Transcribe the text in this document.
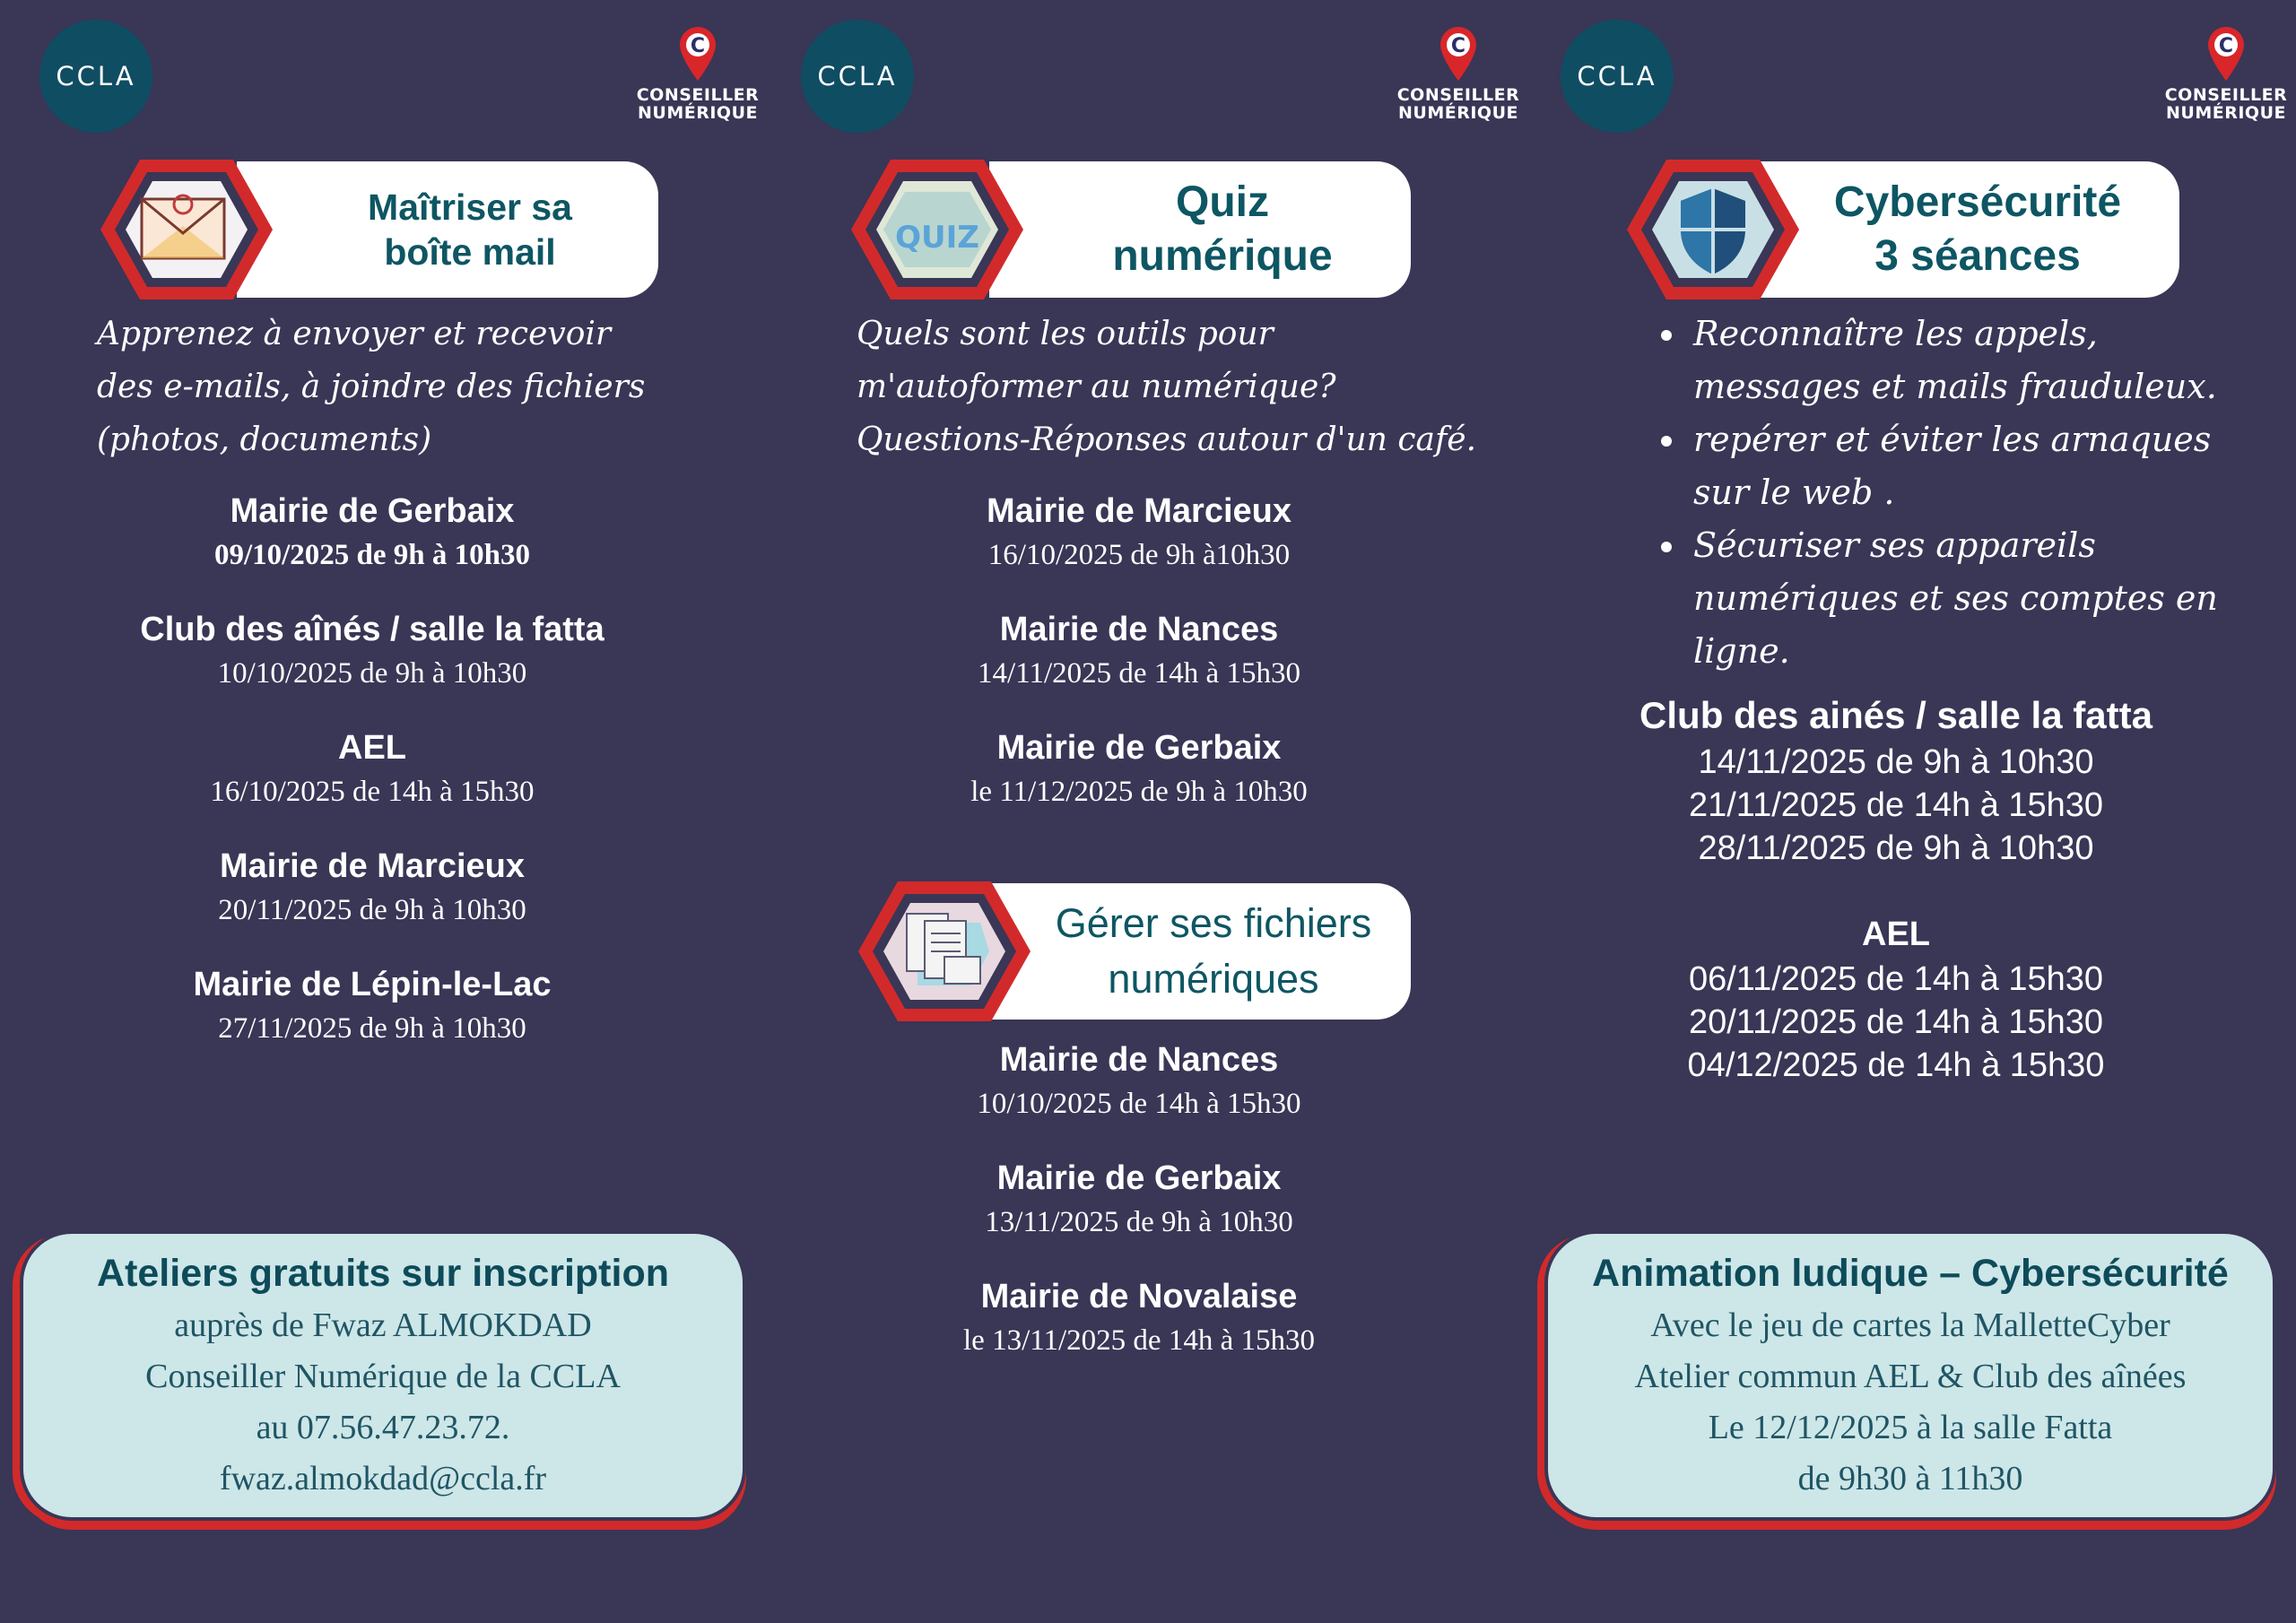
CCLA
C
CONSEILLER
NUMÉRIQUE
Maîtriser sa
boîte mail
Apprenez à envoyer et recevoir des e-mails, à joindre des fichiers (photos, documents)
Mairie de Gerbaix
09/10/2025 de 9h à 10h30
Club des aînés / salle la fatta
10/10/2025 de 9h à 10h30
AEL
16/10/2025 de 14h à 15h30
Mairie de Marcieux
20/11/2025 de 9h à 10h30
Mairie de Lépin-le-Lac
27/11/2025 de 9h à 10h30
Ateliers gratuits sur inscription
auprès de Fwaz ALMOKDAD
Conseiller Numérique de la CCLA
au 07.56.47.23.72.
fwaz.almokdad@ccla.fr
CCLA
C
CONSEILLER
NUMÉRIQUE
Quiz
numérique
QUIZ
Quels sont les outils pour m'autoformer au numérique?
Questions-Réponses autour d'un café.
Mairie de Marcieux
16/10/2025 de 9h à10h30
Mairie de Nances
14/11/2025 de 14h à 15h30
Mairie de Gerbaix
le 11/12/2025 de 9h à 10h30
Gérer ses fichiers
numériques
Mairie de Nances
10/10/2025 de 14h à 15h30
Mairie de Gerbaix
13/11/2025 de 9h à 10h30
Mairie de Novalaise
le 13/11/2025 de 14h à 15h30
CCLA
C
CONSEILLER
NUMÉRIQUE
Cybersécurité
3 séances
Reconnaître les appels, messages et mails frauduleux.
repérer et éviter les arnaques sur le web .
Sécuriser ses appareils numériques et ses comptes en ligne.
Club des ainés / salle la fatta
14/11/2025 de 9h à 10h30
21/11/2025 de 14h à 15h30
28/11/2025 de 9h à 10h30
AEL
06/11/2025 de 14h à 15h30
20/11/2025 de 14h à 15h30
04/12/2025 de 14h à 15h30
Animation ludique – Cybersécurité
Avec le jeu de cartes la MalletteCyber
Atelier commun AEL & Club des aînées
Le 12/12/2025 à la salle Fatta
de 9h30 à 11h30
